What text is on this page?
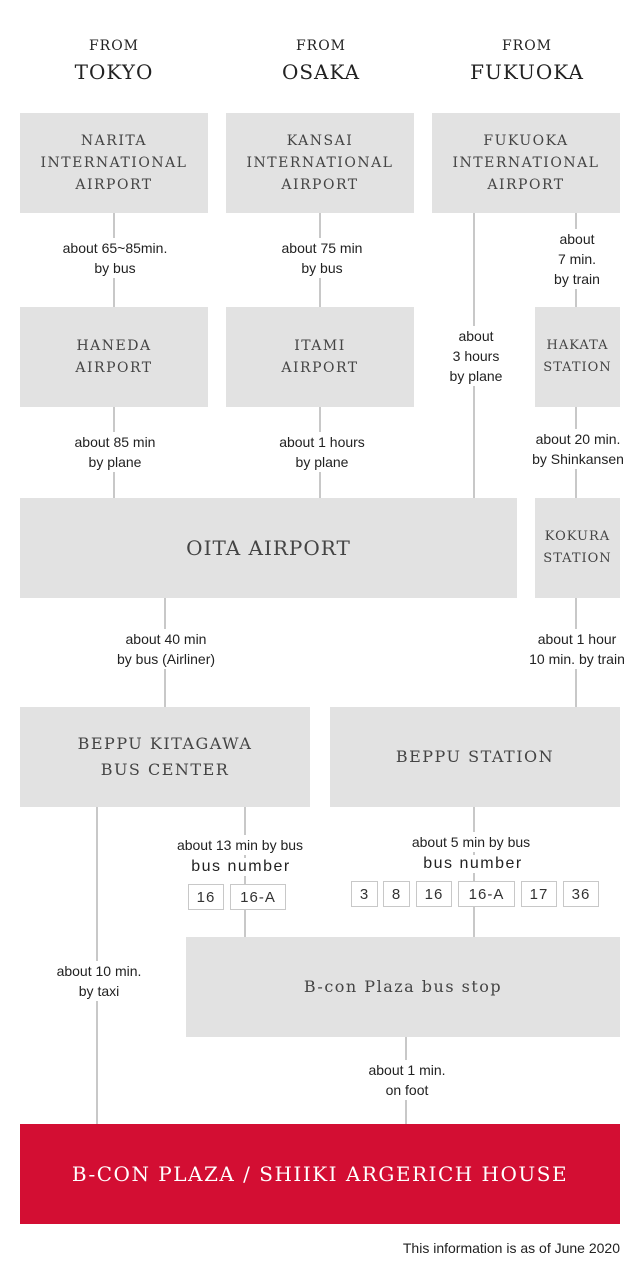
FROM
TOKYO
FROM
OSAKA
FROM
FUKUOKA
NARITA
INTERNATIONAL
AIRPORT
KANSAI
INTERNATIONAL
AIRPORT
FUKUOKA
INTERNATIONAL
AIRPORT
HANEDA
AIRPORT
ITAMI
AIRPORT
HAKATA
STATION
OITA AIRPORT	KOKURA
STATION
BEPPU KITAGAWA
BUS CENTER
BEPPU STATION
B-con Plaza bus stop
B-CON PLAZA / SHIIKI ARGERICH HOUSE
about 65~85min.
by bus
about 75 min
by bus
about
7 min.
by train
about
3 hours
by plane
about 85 min
by plane
about 1 hours
by plane
about 20 min.
by Shinkansen
about 40 min
by bus (Airliner)
about 1 hour
10 min. by train
about 13 min by bus	about 5 min by bus
about 10 min.
by taxi
about 1 min.
on foot
bus number	bus number
16	16-A	3	8	16	16-A	17	36
This information is as of June 2020
